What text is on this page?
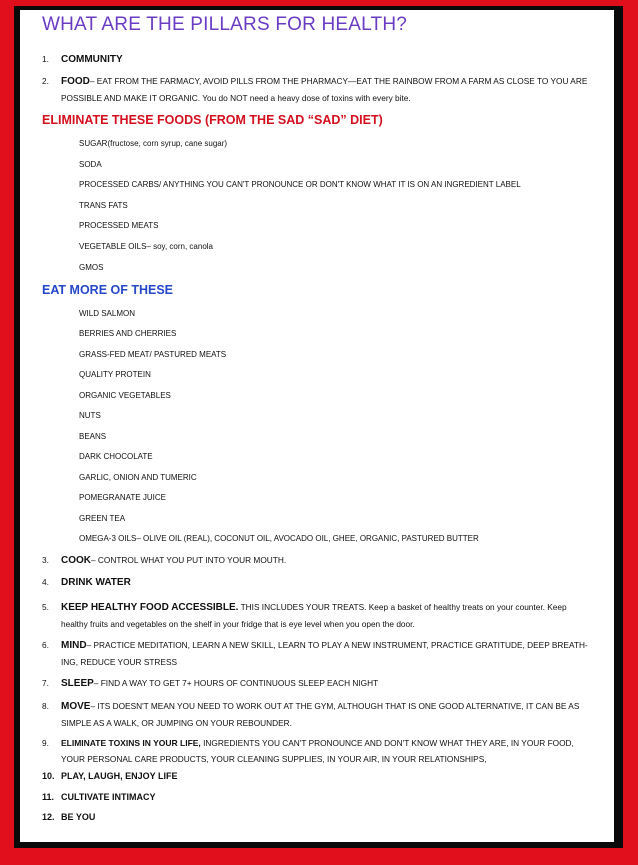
WHAT ARE THE PILLARS FOR HEALTH?
1.	COMMUNITY
2.	FOOD– EAT FROM THE FARMACY, AVOID PILLS FROM THE PHARMACY—EAT THE RAINBOW FROM A FARM AS CLOSE TO YOU ARE POSSIBLE AND MAKE IT ORGANIC. You do NOT need a heavy dose of toxins with every bite.
ELIMINATE THESE FOODS (FROM THE SAD “SAD” DIET)
SUGAR(fructose, corn syrup, cane sugar)
SODA
PROCESSED CARBS/ ANYTHING YOU CAN'T PRONOUNCE OR DON'T KNOW WHAT IT IS ON AN INGREDIENT LABEL
TRANS FATS
PROCESSED MEATS
VEGETABLE OILS– soy, corn, canola
GMOS
EAT MORE OF THESE
WILD SALMON
BERRIES AND CHERRIES
GRASS-FED MEAT/ PASTURED MEATS
QUALITY PROTEIN
ORGANIC VEGETABLES
NUTS
BEANS
DARK CHOCOLATE
GARLIC, ONION AND TUMERIC
POMEGRANATE JUICE
GREEN TEA
OMEGA-3 OILS– OLIVE OIL (REAL), COCONUT OIL, AVOCADO OIL, GHEE, ORGANIC, PASTURED BUTTER
3.	COOK– CONTROL WHAT YOU PUT INTO YOUR MOUTH.
4.	DRINK WATER
5.	KEEP HEALTHY FOOD ACCESSIBLE. THIS INCLUDES YOUR TREATS. Keep a basket of healthy treats on your counter. Keep healthy fruits and vegetables on the shelf in your fridge that is eye level when you open the door.
6.	MIND– PRACTICE MEDITATION, LEARN A NEW SKILL, LEARN TO PLAY A NEW INSTRUMENT, PRACTICE GRATITUDE, DEEP BREATH-ING, REDUCE YOUR STRESS
7.	SLEEP– FIND A WAY TO GET 7+ HOURS OF CONTINUOUS SLEEP EACH NIGHT
8.	MOVE– ITS DOESN'T MEAN YOU NEED TO WORK OUT AT THE GYM, ALTHOUGH THAT IS ONE GOOD ALTERNATIVE, IT CAN BE AS SIMPLE AS A WALK, OR JUMPING ON YOUR REBOUNDER.
9.	ELIMINATE TOXINS IN YOUR LIFE, INGREDIENTS YOU CAN'T PRONOUNCE AND DON'T KNOW WHAT THEY ARE, IN YOUR FOOD, YOUR PERSONAL CARE PRODUCTS, YOUR CLEANING SUPPLIES, IN YOUR AIR, IN YOUR RELATIONSHIPS,
10. PLAY, LAUGH, ENJOY LIFE
11. CULTIVATE INTIMACY
12. BE YOU
